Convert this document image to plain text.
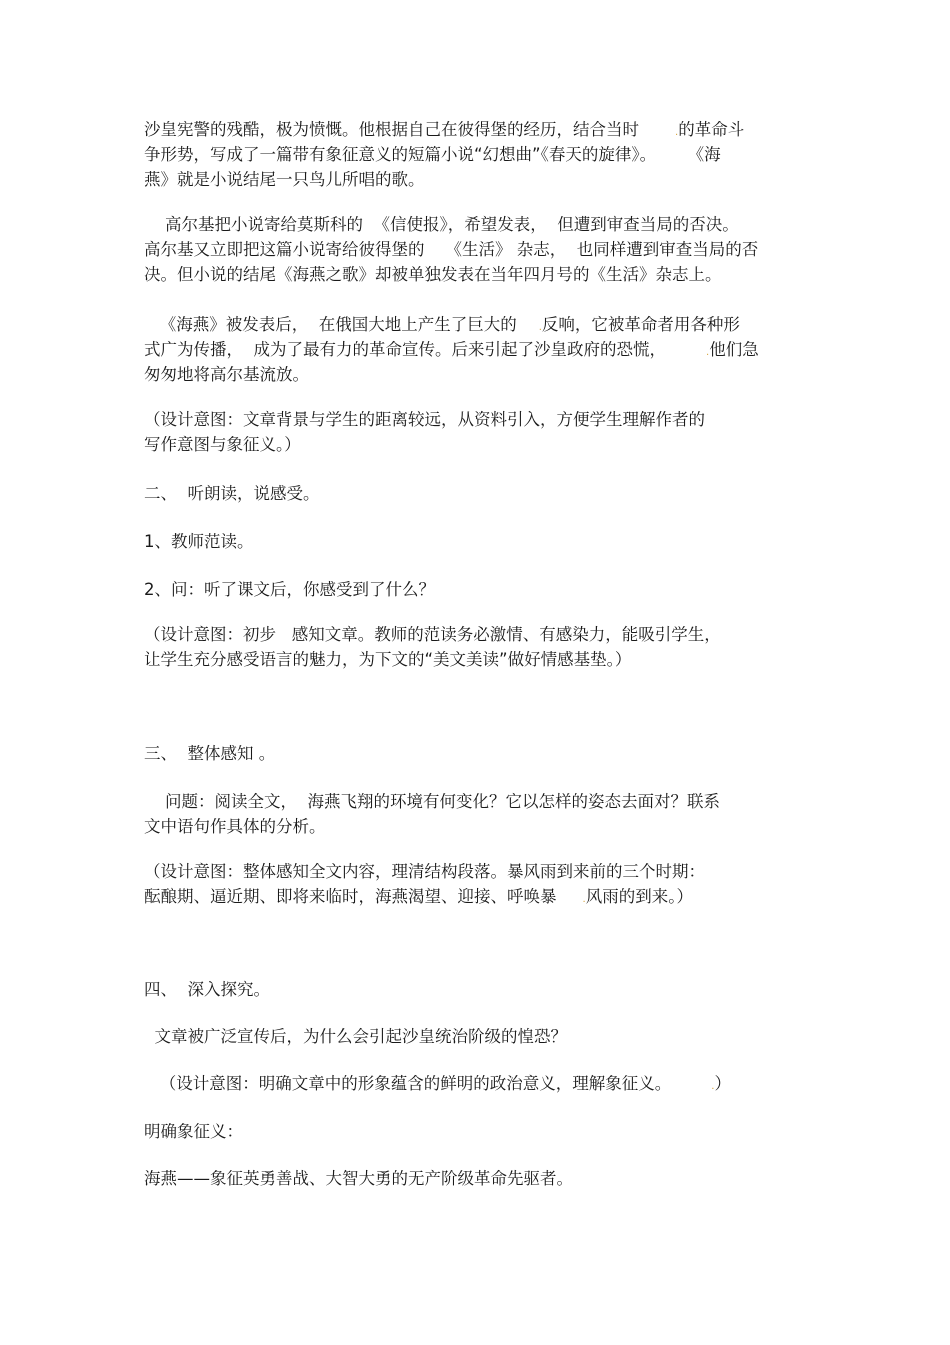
沙皇宪警的残酷，极为愤慨。他根据自己在彼得堡的经历，结合当时	.的革命斗
争形势，写成了一篇带有象征意义的短篇小说“幻想曲”《春天的旋律》。      《海
燕》就是小说结尾一只鸟儿所唱的歌。
高尔基把小说寄给莫斯科的  《信使报》，希望发表，  但遭到审查当局的否决。
高尔基又立即把这篇小说寄给彼得堡的    《生活》 杂志，  也同样遭到审查当局的否
决。但小说的结尾《海燕之歌》却被单独发表在当年四月号的《生活》杂志上。
《海燕》被发表后，  在俄国大地上产生了巨大的 .反响，它被革命者用各种形
式广为传播，  成为了最有力的革命宣传。后来引起了沙皇政府的恐慌，	.他们急
匆匆地将高尔基流放。
（设计意图：文章背景与学生的距离较远，从资料引入，方便学生理解作者的
写作意图与象征义。）
二、  听朗读，说感受。
1、教师范读。
2、问：听了课文后，你感受到了什么？
（设计意图：初步   感知文章。教师的范读务必激情、有感染力，能吸引学生，
让学生充分感受语言的魅力，为下文的“美文美读”做好情感基垫。）
三、  整体感知 。
问题：阅读全文，  海燕飞翔的环境有何变化？它以怎样的姿态去面对？联系
文中语句作具体的分析。
（设计意图：整体感知全文内容，理清结构段落。暴风雨到来前的三个时期：
酝酿期、逼近期、即将来临时，海燕渴望、迎接、呼唤暴	.风雨的到来。）
四、  深入探究。
文章被广泛宣传后，为什么会引起沙皇统治阶级的惶恐？
（设计意图：明确文章中的形象蕴含的鲜明的政治意义，理解象征义。	.）
明确象征义：
海燕——象征英勇善战、大智大勇的无产阶级革命先驱者。
